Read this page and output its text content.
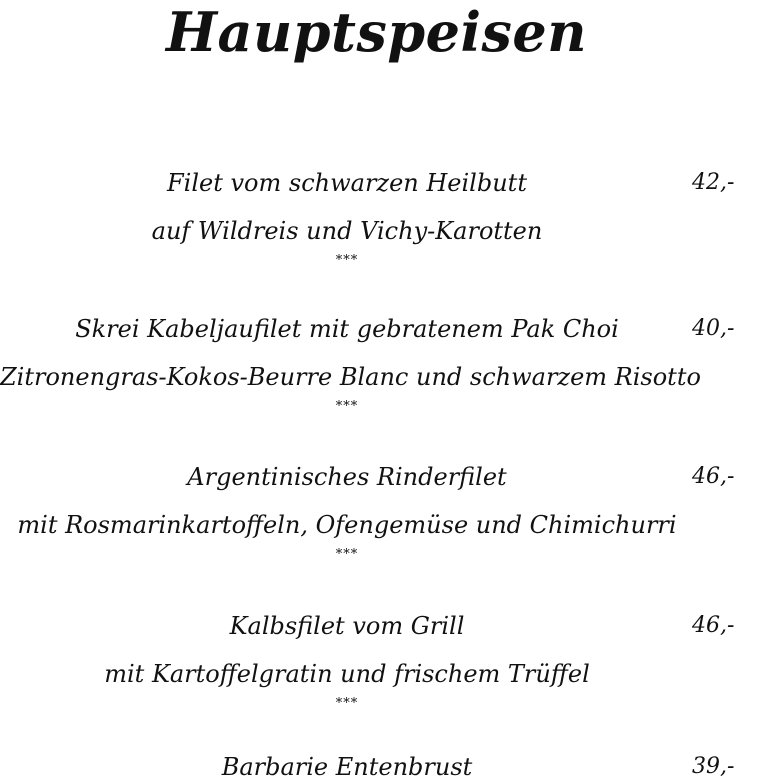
Hauptspeisen
Filet vom schwarzen Heilbutt	42,-
auf Wildreis und Vichy-Karotten
***
Skrei Kabeljaufilet mit gebratenem Pak Choi	40,-
Zitronengras-Kokos-Beurre Blanc und schwarzem Risotto
***
Argentinisches Rinderfilet	46,-
mit Rosmarinkartoffeln, Ofengemüse und Chimichurri
***
Kalbsfilet vom Grill	46,-
mit Kartoffelgratin und frischem Trüffel
***
Barbarie Entenbrust	39,-
